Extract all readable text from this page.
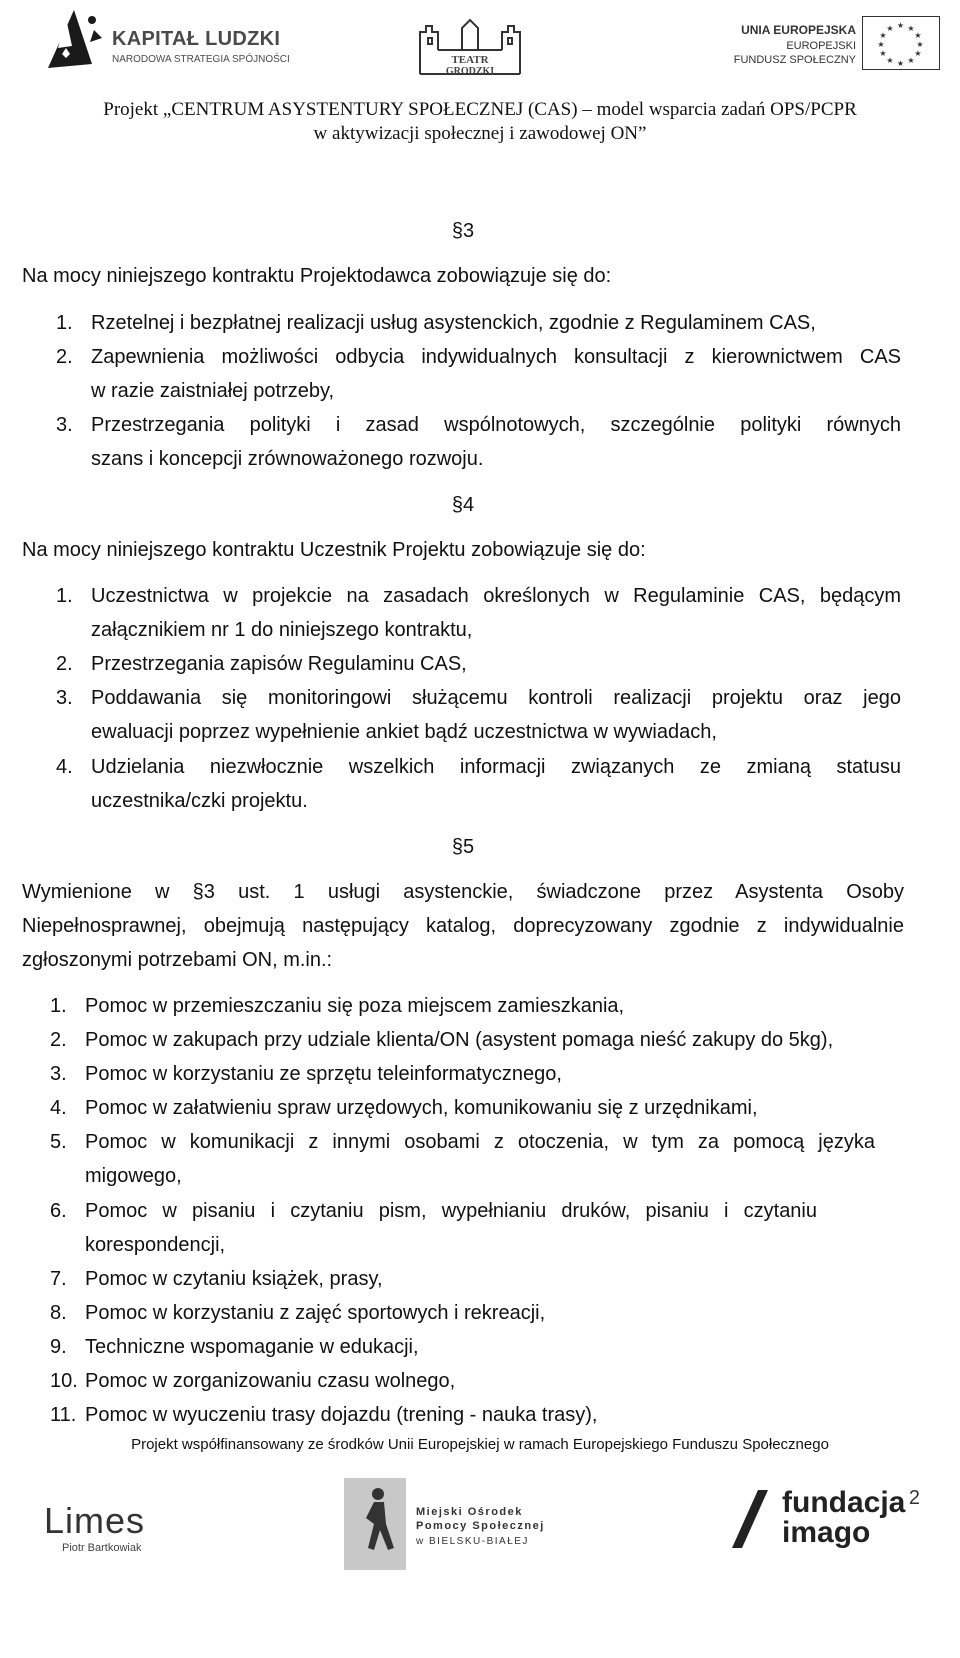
KAPITAŁ LUDZKI
NARODOWA STRATEGIA SPÓJNOŚCI	TEATR
GRODZKI
UNIA EUROPEJSKA
EUROPEJSKI
FUNDUSZ SPOŁECZNY
★ ★
★
★
★
★
★
★
★
★
★
★
Projekt „CENTRUM ASYSTENTURY SPOŁECZNEJ (CAS) – model wsparcia zadań OPS/PCPR
w aktywizacji społecznej i zawodowej ON”
§3
Na mocy niniejszego kontraktu Projektodawca zobowiązuje się do:
1. Rzetelnej i bezpłatnej realizacji usług asystenckich, zgodnie z Regulaminem CAS,
2. Zapewnienia możliwości odbycia indywidualnych konsultacji z kierownictwem CAS
w razie zaistniałej potrzeby,
3. Przestrzegania polityki i zasad wspólnotowych, szczególnie polityki równych
szans i koncepcji zrównoważonego rozwoju.
§4
Na mocy niniejszego kontraktu Uczestnik Projektu zobowiązuje się do:
1. Uczestnictwa w projekcie na zasadach określonych w Regulaminie CAS, będącym
załącznikiem nr 1 do niniejszego kontraktu,
2. Przestrzegania zapisów Regulaminu CAS,
3. Poddawania się monitoringowi służącemu kontroli realizacji projektu oraz jego
ewaluacji poprzez wypełnienie ankiet bądź uczestnictwa w wywiadach,
4. Udzielania niezwłocznie wszelkich informacji związanych ze zmianą statusu
uczestnika/czki projektu.
§5
Wymienione w §3 ust. 1 usługi asystenckie, świadczone przez Asystenta Osoby
Niepełnosprawnej, obejmują następujący katalog, doprecyzowany zgodnie z indywidualnie
zgłoszonymi potrzebami ON, m.in.:
1. Pomoc w przemieszczaniu się poza miejscem zamieszkania,
2. Pomoc w zakupach przy udziale klienta/ON (asystent pomaga nieść zakupy do 5kg),
3. Pomoc w korzystaniu ze sprzętu teleinformatycznego,
4. Pomoc w załatwieniu spraw urzędowych, komunikowaniu się z urzędnikami,
5. Pomoc w komunikacji z innymi osobami z otoczenia, w tym za pomocą języka
migowego,
6. Pomoc w pisaniu i czytaniu pism, wypełnianiu druków, pisaniu i czytaniu
korespondencji,
7. Pomoc w czytaniu książek, prasy,
8. Pomoc w korzystaniu z zajęć sportowych i rekreacji,
9. Techniczne wspomaganie w edukacji,
10. Pomoc w zorganizowaniu czasu wolnego,
11. Pomoc w wyuczeniu trasy dojazdu (trening - nauka trasy),
Projekt współfinansowany ze środków Unii Europejskiej w ramach Europejskiego Funduszu Społecznego
Limes
Piotr Bartkowiak
Miejski Ośrodek
Pomocy Społecznej
w BIELSKU-BIAŁEJ
fundacja
imago
2
